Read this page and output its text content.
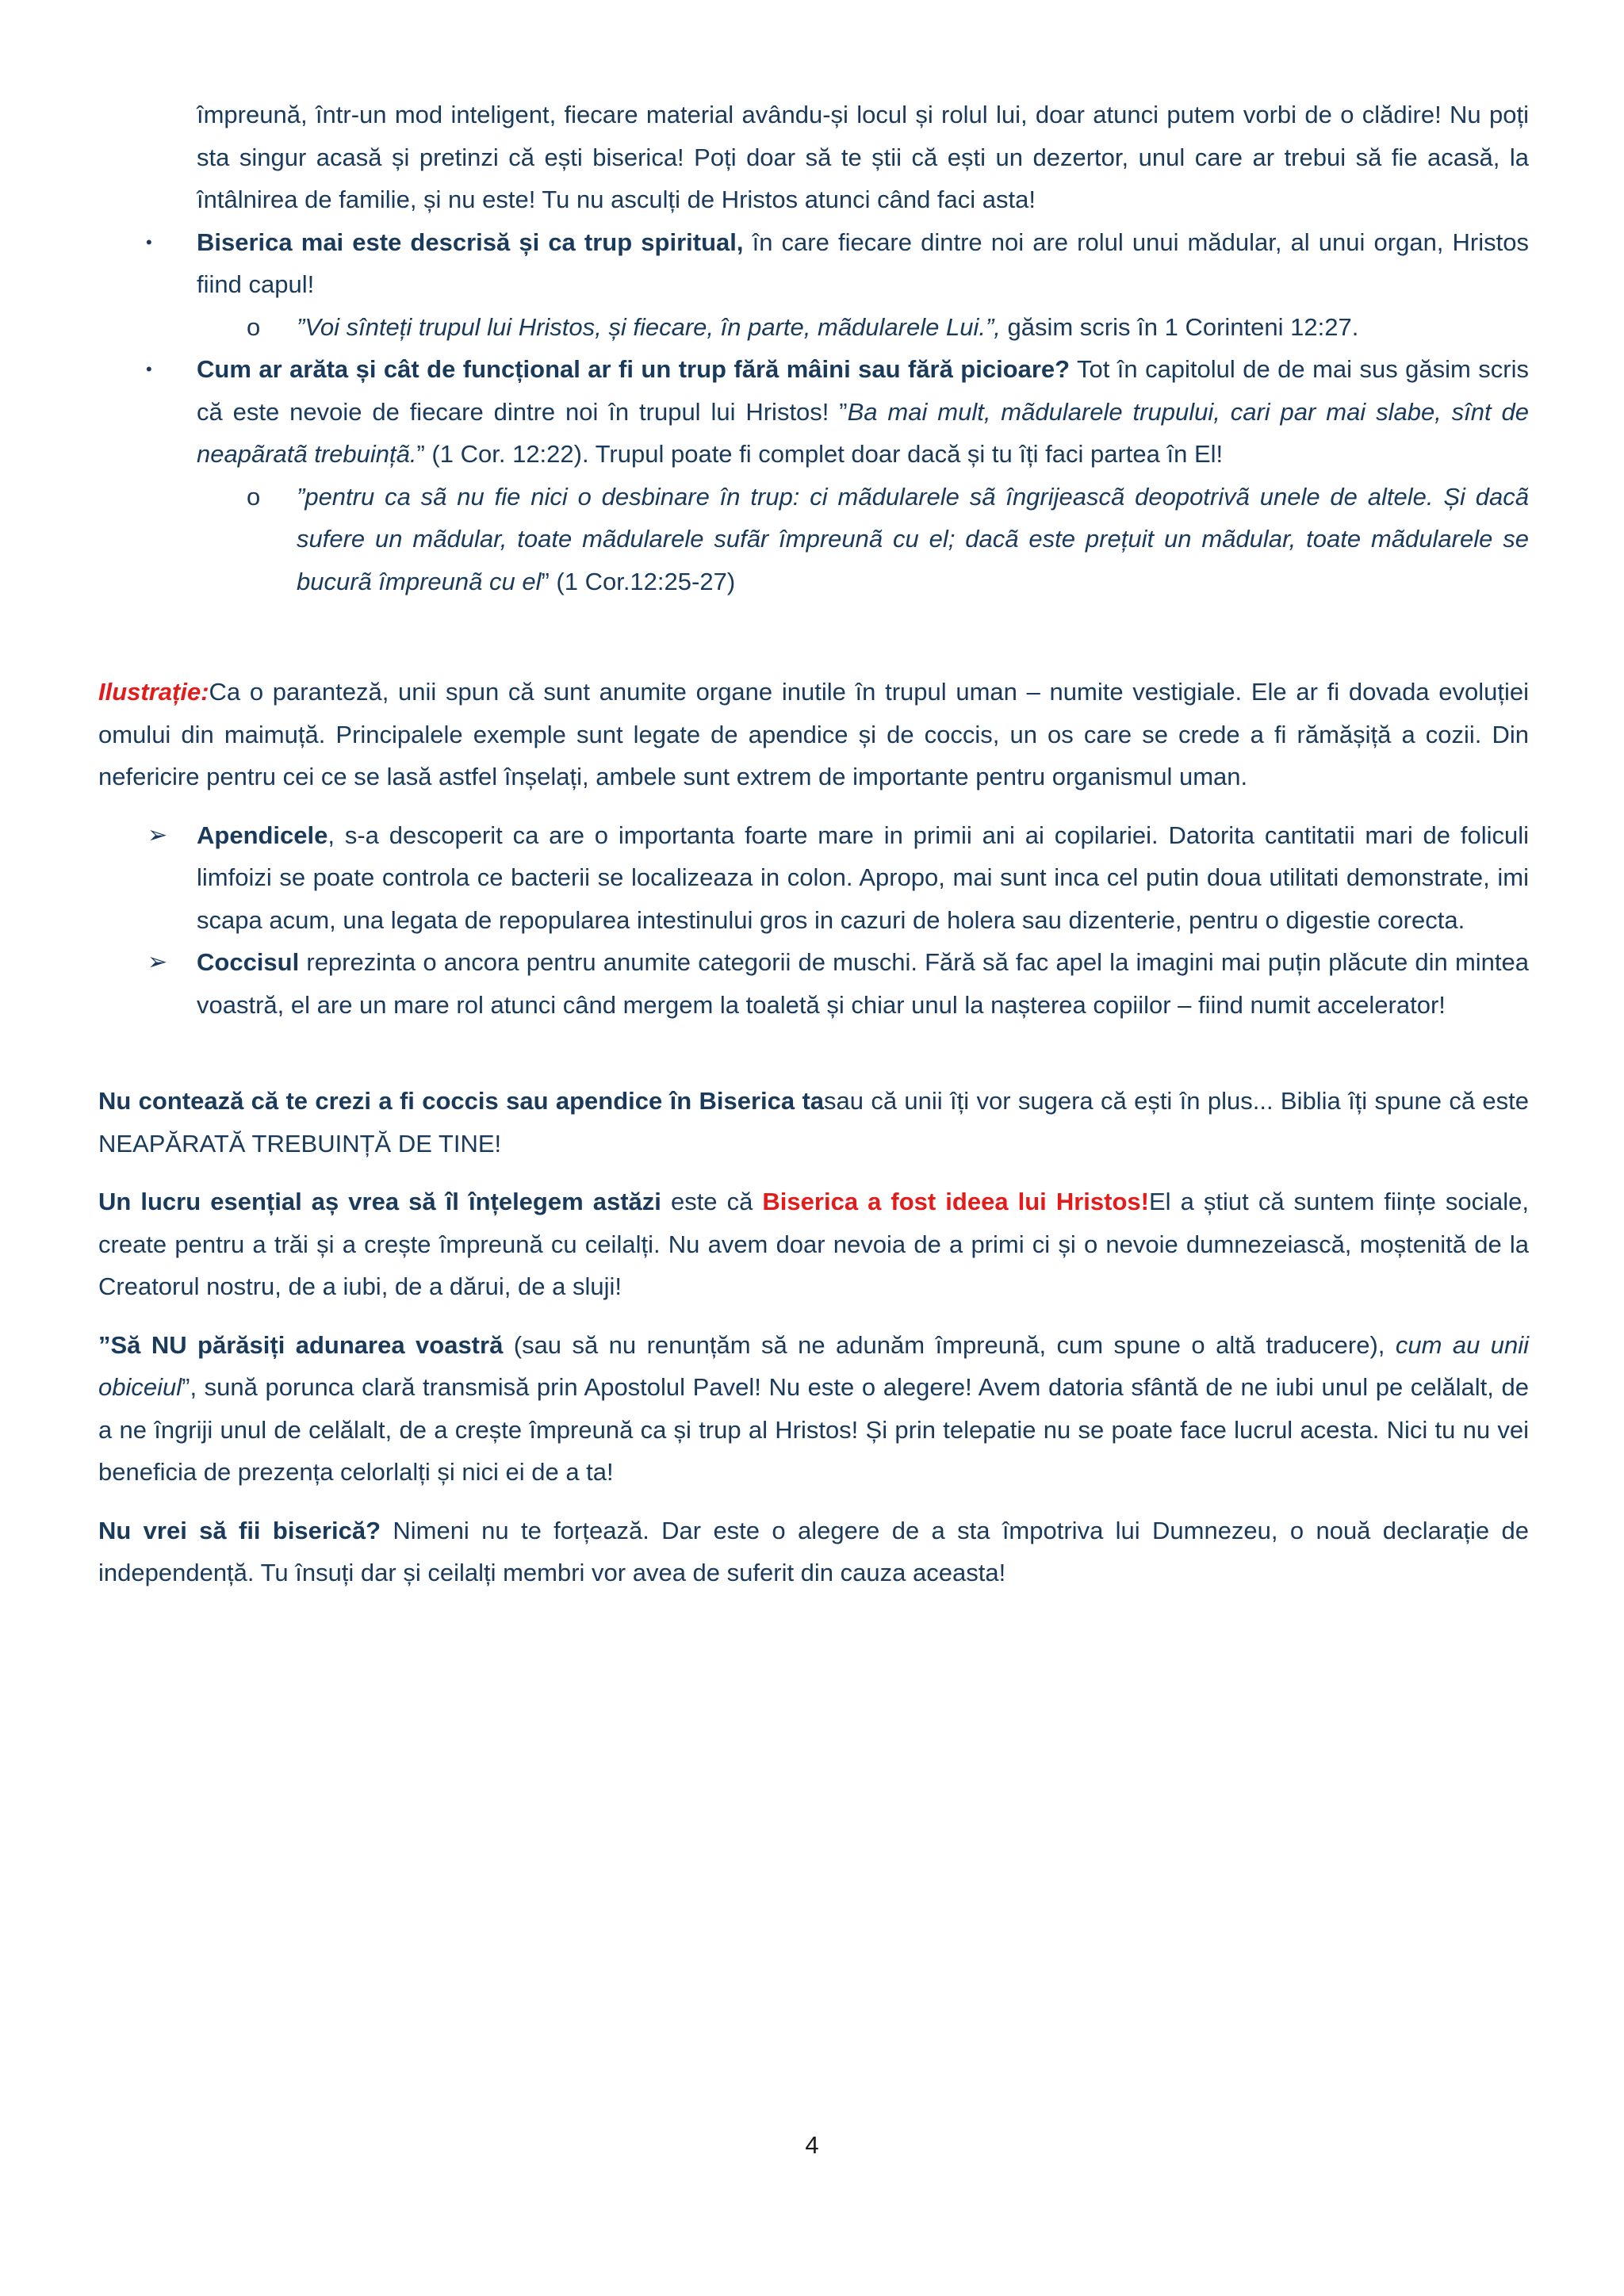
împreună, într-un mod inteligent, fiecare material avându-și locul și rolul lui, doar atunci putem vorbi de o clădire! Nu poți sta singur acasă și pretinzi că ești biserica! Poți doar să te știi că ești un dezertor, unul care ar trebui să fie acasă, la întâlnirea de familie, și nu este! Tu nu asculți de Hristos atunci când faci asta!

• Biserica mai este descrisă și ca trup spiritual, în care fiecare dintre noi are rolul unui mădular, al unui organ, Hristos fiind capul!
o ”Voi sînteți trupul lui Hristos, și fiecare, în parte, mãdularele Lui.”, găsim scris în 1 Corinteni 12:27.
• Cum ar arăta și cât de funcțional ar fi un trup fără mâini sau fără picioare? Tot în capitolul de de mai sus găsim scris că este nevoie de fiecare dintre noi în trupul lui Hristos! ”Ba mai mult, mãdularele trupului, cari par mai slabe, sînt de neapãratã trebuințã.” (1 Cor. 12:22). Trupul poate fi complet doar dacă și tu îți faci partea în El!
o ”pentru ca sã nu fie nici o desbinare în trup: ci mãdularele sã îngrijeascã deopotrivã unele de altele. Și dacã sufere un mãdular, toate mãdularele sufãr împreunã cu el; dacã este prețuit un mãdular, toate mãdularele se bucurã împreunã cu el” (1 Cor.12:25-27)

Ilustrație:Ca o paranteză, unii spun că sunt anumite organe inutile în trupul uman – numite vestigiale. Ele ar fi dovada evoluției omului din maimuță. Principalele exemple sunt legate de apendice și de coccis, un os care se crede a fi rămășiță a cozii. Din nefericire pentru cei ce se lasă astfel înșelați, ambele sunt extrem de importante pentru organismul uman.

➢ Apendicele, s-a descoperit ca are o importanta foarte mare in primii ani ai copilariei. Datorita cantitatii mari de foliculi limfoizi se poate controla ce bacterii se localizeaza in colon. Apropo, mai sunt inca cel putin doua utilitati demonstrate, imi scapa acum, una legata de repopularea intestinului gros in cazuri de holera sau dizenterie, pentru o digestie corecta.
➢ Coccisul reprezinta o ancora pentru anumite categorii de muschi. Fără să fac apel la imagini mai puțin plăcute din mintea voastră, el are un mare rol atunci când mergem la toaletă și chiar unul la nașterea copiilor – fiind numit accelerator!

Nu contează că te crezi a fi coccis sau apendice în Biserica tasau că unii îți vor sugera că ești în plus... Biblia îți spune că este NEAPĂRATĂ TREBUINȚĂ DE TINE!

Un lucru esențial aș vrea să îl înțelegem astăzi este că Biserica a fost ideea lui Hristos!El a știut că suntem ființe sociale, create pentru a trăi și a crește împreună cu ceilalți. Nu avem doar nevoia de a primi ci și o nevoie dumnezeiască, moștenită de la Creatorul nostru, de a iubi, de a dărui, de a sluji!

”Să NU părăsiți adunarea voastră (sau să nu renunțăm să ne adunăm împreună, cum spune o altă traducere), cum au unii obiceiul”, sună porunca clară transmisă prin Apostolul Pavel! Nu este o alegere! Avem datoria sfântă de ne iubi unul pe celălalt, de a ne îngriji unul de celălalt, de a crește împreună ca și trup al Hristos! Și prin telepatie nu se poate face lucrul acesta. Nici tu nu vei beneficia de prezența celorlalți și nici ei de a ta!

Nu vrei să fii biserică? Nimeni nu te forțează. Dar este o alegere de a sta împotriva lui Dumnezeu, o nouă declarație de independență. Tu însuți dar și ceilalți membri vor avea de suferit din cauza aceasta!

4
